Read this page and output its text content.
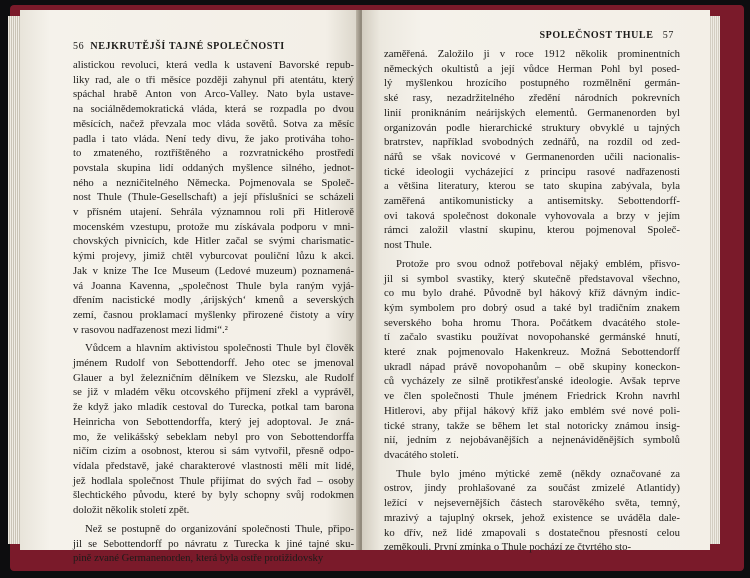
56 NEJKRUTĚJŠÍ TAJNÉ SPOLEČNOSTI
alistickou revoluci, která vedla k ustavení Bavorské repub-
liky rad, ale o tři měsíce později zahynul při atentátu, který
spáchal hrabě Anton von Arco-Valley. Nato byla ustave-
na sociálnědemokratická vláda, která se rozpadla po dvou
měsících, načež převzala moc vláda sovětů. Sotva za měsíc
padla i tato vláda. Není tedy divu, že jako protiváha toho-
to zmateného, roztříštěného a rozvratnického prostředí
povstala skupina lidí oddaných myšlence silného, jednot-
ného a nezničitelného Německa. Pojmenovala se Společ-
nost Thule (Thule-Gesellschaft) a její příslušníci se scházeli
v přísném utajení. Sehrála významnou roli při Hitlerově
mocenském vzestupu, protože mu získávala podporu v mni-
chovských pivnicích, kde Hitler začal se svými charismatic-
kými projevy, jimiž chtěl vyburcovat pouliční lůzu k akci.
Jak v knize The Ice Museum (Ledové muzeum) poznamená-
vá Joanna Kavenna, „společnost Thule byla raným vyjá-
dřením nacistické modly ‚árijských‘ kmenů a severských
zemí, časnou proklamací myšlenky přirozené čistoty a víry
v rasovou nadřazenost mezi lidmi“.²
Vůdcem a hlavním aktivistou společnosti Thule byl člověk
jménem Rudolf von Sebottendorff. Jeho otec se jmenoval
Glauer a byl železničním dělníkem ve Slezsku, ale Rudolf
se již v mladém věku otcovského příjmení zřekl a vyprávěl,
že když jako mladík cestoval do Turecka, potkal tam barona
Heinricha von Sebottendorffa, který jej adoptoval. Je zná-
mo, že velikášský sebeklam nebyl pro von Sebottendorffa
ničím cizím a osobnost, kterou si sám vytvořil, přesně odpo-
vídala představě, jaké charakterové vlastnosti měli mít lidé,
jež hodlala společnost Thule přijímat do svých řad – osoby
šlechtického původu, které by byly schopny svůj rodokmen
doložit několik století zpět.
Než se postupně do organizování společnosti Thule, připo-
jil se Sebottendorff po návratu z Turecka k jiné tajné sku-
pině zvané Germanenorden, která byla ostře protižidovsky
SPOLEČNOST THULE 57
zaměřená. Založilo ji v roce 1912 několik prominentních
německých okultistů a její vůdce Herman Pohl byl posed-
lý myšlenkou hrozícího postupného rozmělnění germán-
ské rasy, nezadržitelného zředění národních pokrevních
linií proniknáním neárijských elementů. Germanenorden byl
organizován podle hierarchické struktury obvyklé u tajných
bratrstev, například svobodných zednářů, na rozdíl od zed-
nářů se však novicové v Germanenorden učili nacionalis-
tické ideologii vycházející z principu rasové nadřazenosti
a většina literatury, kterou se tato skupina zabývala, byla
zaměřená antikomunisticky a antisemitsky. Sebottendorff-
ovi taková společnost dokonale vyhovovala a brzy v jejím
rámci založil vlastní skupinu, kterou pojmenoval Společ-
nost Thule.
Protože pro svou odnož potřeboval nějaký emblém, přisvo-
jil si symbol svastiky, který skutečně představoval všechno,
co mu bylo drahé. Původně byl hákový kříž dávným indic-
kým symbolem pro dobrý osud a také byl tradičním znakem
severského boha hromu Thora. Počátkem dvacátého stole-
tí začalo svastiku používat novopohanské germánské hnutí,
které znak pojmenovalo Hakenkreuz. Možná Sebottendorff
ukradl nápad právě novopohanům – obě skupiny koneckon-
ců vycházely ze silně protikřesťanské ideologie. Avšak teprve
ve člen společnosti Thule jménem Friedrick Krohn navrhl
Hitlerovi, aby přijal hákový kříž jako emblém své nové poli-
tické strany, takže se během let stal notoricky známou insig-
nií, jedním z nejobávanějších a nejnenáviděnějších symbolů
dvacátého století.
Thule bylo jméno mýtické země (někdy označované za
ostrov, jindy prohlašované za součást zmizelé Atlantidy)
ležící v nejsevernějších částech starověkého světa, temný,
mrazivý a tajuplný okrsek, jehož existence se uváděla dale-
ko dřív, než lidé zmapovali s dostatečnou přesností celou
zeměkouli. První zmínka o Thule pochází ze čtvrtého sto-
